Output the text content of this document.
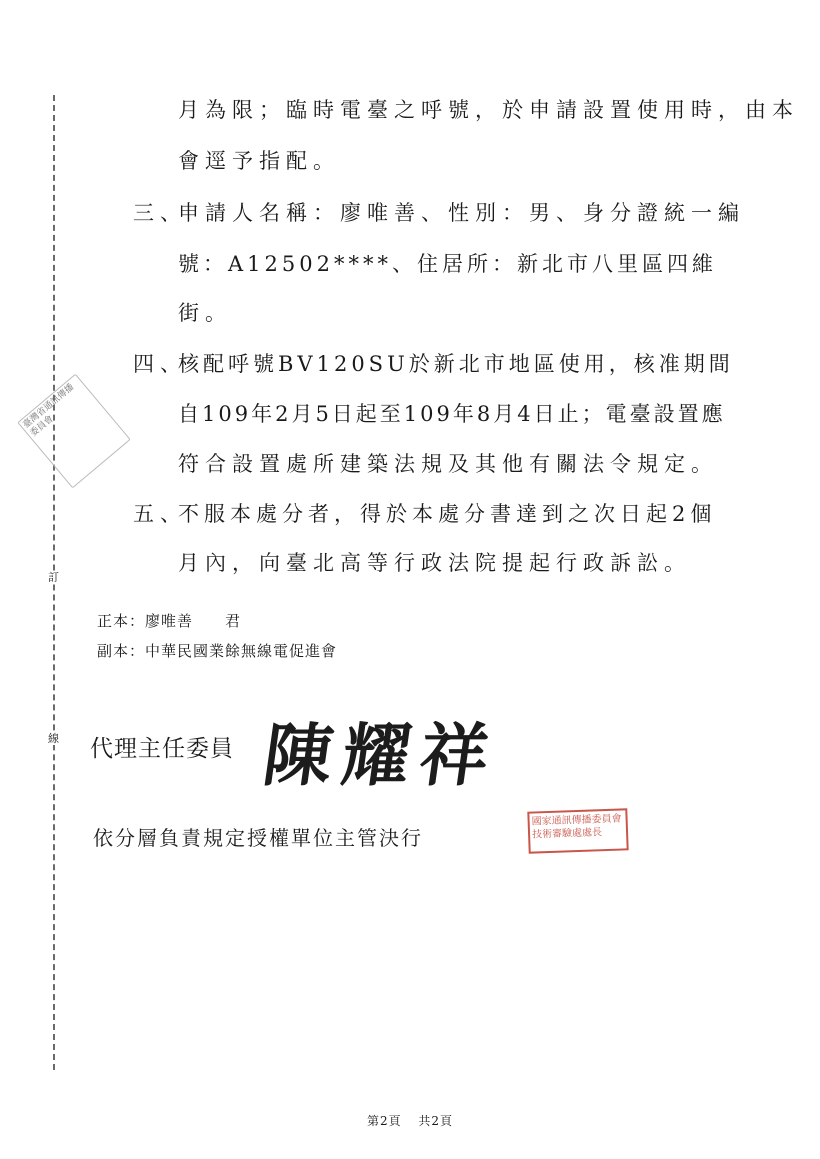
訂
線
臺灣省通訊傳播委員會
月為限；臨時電臺之呼號，於申請設置使用時，由本
會逕予指配。
三、
申請人名稱：廖唯善、性別：男、身分證統一編
號：A12502****、住居所：新北市八里區四維
街。
四、
核配呼號BV120SU於新北市地區使用，核准期間
自109年2月5日起至109年8月4日止；電臺設置應
符合設置處所建築法規及其他有關法令規定。
五、
不服本處分者，得於本處分書達到之次日起2個
月內，向臺北高等行政法院提起行政訴訟。
正本：廖唯善　　君
副本：中華民國業餘無線電促進會
代理主任委員 陳耀祥
依分層負責規定授權單位主管決行
國家通訊傳播委員會技術審驗處處長
第2頁 共2頁
